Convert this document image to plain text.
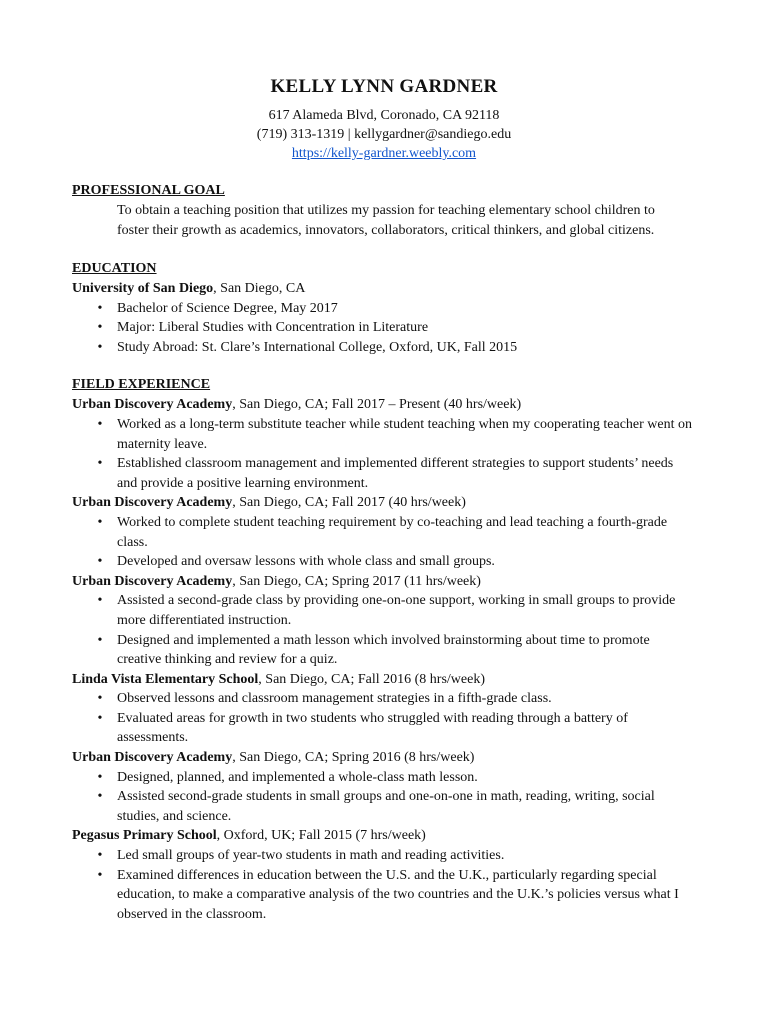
KELLY LYNN GARDNER
617 Alameda Blvd, Coronado, CA 92118
(719) 313-1319 | kellygardner@sandiego.edu
https://kelly-gardner.weebly.com
PROFESSIONAL GOAL

To obtain a teaching position that utilizes my passion for teaching elementary school children to

foster their growth as academics, innovators, collaborators, critical thinkers, and global citizens.

EDUCATION
University of San Diego, San Diego, CA
•	Bachelor of Science Degree, May 2017
•	Major: Liberal Studies with Concentration in Literature
•	Study Abroad: St. Clare’s International College, Oxford, UK, Fall 2015
FIELD EXPERIENCE
Urban Discovery Academy, San Diego, CA; Fall 2017 – Present (40 hrs/week)
•	Worked as a long-term substitute teacher while student teaching when my cooperating teacher went on maternity leave.
•	Established classroom management and implemented different strategies to support students’ needs and provide a positive learning environment.
Urban Discovery Academy, San Diego, CA; Fall 2017 (40 hrs/week)
•	Worked to complete student teaching requirement by co-teaching and lead teaching a fourth-grade class.
•	Developed and oversaw lessons with whole class and small groups.
Urban Discovery Academy, San Diego, CA; Spring 2017 (11 hrs/week)
•	Assisted a second-grade class by providing one-on-one support, working in small groups to provide more differentiated instruction.
•	Designed and implemented a math lesson which involved brainstorming about time to promote creative thinking and review for a quiz.
Linda Vista Elementary School, San Diego, CA; Fall 2016 (8 hrs/week)
•	Observed lessons and classroom management strategies in a fifth-grade class.
•	Evaluated areas for growth in two students who struggled with reading through a battery of assessments.
Urban Discovery Academy, San Diego, CA; Spring 2016 (8 hrs/week)
•	Designed, planned, and implemented a whole-class math lesson.
•	Assisted second-grade students in small groups and one-on-one in math, reading, writing, social studies, and science.
Pegasus Primary School, Oxford, UK; Fall 2015 (7 hrs/week)
•	Led small groups of year-two students in math and reading activities.
•	Examined differences in education between the U.S. and the U.K., particularly regarding special education, to make a comparative analysis of the two countries and the U.K.’s policies versus what I observed in the classroom.
